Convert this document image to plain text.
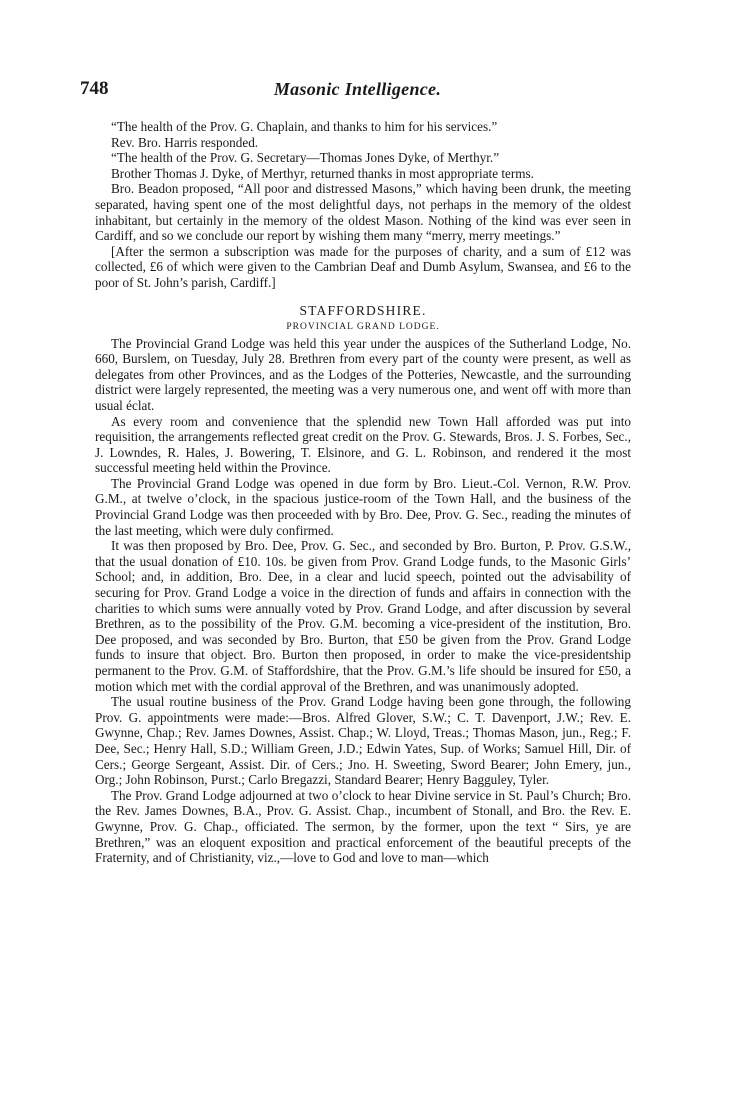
748	Masonic Intelligence.

“The health of the Prov. G. Chaplain, and thanks to him for his services.”

Rev. Bro. Harris responded.

“The health of the Prov. G. Secretary—Thomas Jones Dyke, of Merthyr.”

Brother Thomas J. Dyke, of Merthyr, returned thanks in most appropriate terms.

Bro. Beadon proposed, “All poor and distressed Masons,” which having been drunk, the meeting separated, having spent one of the most delightful days, not perhaps in the memory of the oldest inhabitant, but certainly in the memory of the oldest Mason. Nothing of the kind was ever seen in Cardiff, and so we conclude our report by wishing them many “merry, merry meetings.”

[After the sermon a subscription was made for the purposes of charity, and a sum of £12 was collected, £6 of which were given to the Cambrian Deaf and Dumb Asylum, Swansea, and £6 to the poor of St. John’s parish, Cardiff.]

STAFFORDSHIRE.
PROVINCIAL GRAND LODGE.

The Provincial Grand Lodge was held this year under the auspices of the Sutherland Lodge, No. 660, Burslem, on Tuesday, July 28. Brethren from every part of the county were present, as well as delegates from other Provinces, and as the Lodges of the Potteries, Newcastle, and the surrounding district were largely represented, the meeting was a very numerous one, and went off with more than usual éclat.

As every room and convenience that the splendid new Town Hall afforded was put into requisition, the arrangements reflected great credit on the Prov. G. Stewards, Bros. J. S. Forbes, Sec., J. Lowndes, R. Hales, J. Bowering, T. Elsinore, and G. L. Robinson, and rendered it the most successful meeting held within the Province.

The Provincial Grand Lodge was opened in due form by Bro. Lieut.-Col. Vernon, R.W. Prov. G.M., at twelve o’clock, in the spacious justice-room of the Town Hall, and the business of the Provincial Grand Lodge was then proceeded with by Bro. Dee, Prov. G. Sec., reading the minutes of the last meeting, which were duly confirmed.

It was then proposed by Bro. Dee, Prov. G. Sec., and seconded by Bro. Burton, P. Prov. G.S.W., that the usual donation of £10. 10s. be given from Prov. Grand Lodge funds, to the Masonic Girls’ School; and, in addition, Bro. Dee, in a clear and lucid speech, pointed out the advisability of securing for Prov. Grand Lodge a voice in the direction of funds and affairs in connection with the charities to which sums were annually voted by Prov. Grand Lodge, and after discussion by several Brethren, as to the possibility of the Prov. G.M. becoming a vice-president of the institution, Bro. Dee proposed, and was seconded by Bro. Burton, that £50 be given from the Prov. Grand Lodge funds to insure that object. Bro. Burton then proposed, in order to make the vice-presidentship permanent to the Prov. G.M. of Staffordshire, that the Prov. G.M.’s life should be insured for £50, a motion which met with the cordial approval of the Brethren, and was unanimously adopted.

The usual routine business of the Prov. Grand Lodge having been gone through, the following Prov. G. appointments were made:—Bros. Alfred Glover, S.W.; C. T. Davenport, J.W.; Rev. E. Gwynne, Chap.; Rev. James Downes, Assist. Chap.; W. Lloyd, Treas.; Thomas Mason, jun., Reg.; F. Dee, Sec.; Henry Hall, S.D.; William Green, J.D.; Edwin Yates, Sup. of Works; Samuel Hill, Dir. of Cers.; George Sergeant, Assist. Dir. of Cers.; Jno. H. Sweeting, Sword Bearer; John Emery, jun., Org.; John Robinson, Purst.; Carlo Bregazzi, Standard Bearer; Henry Bagguley, Tyler.

The Prov. Grand Lodge adjourned at two o’clock to hear Divine service in St. Paul’s Church; Bro. the Rev. James Downes, B.A., Prov. G. Assist. Chap., incumbent of Stonall, and Bro. the Rev. E. Gwynne, Prov. G. Chap., officiated. The sermon, by the former, upon the text “ Sirs, ye are Brethren,” was an eloquent exposition and practical enforcement of the beautiful precepts of the Fraternity, and of Christianity, viz.,—love to God and love to man—which
